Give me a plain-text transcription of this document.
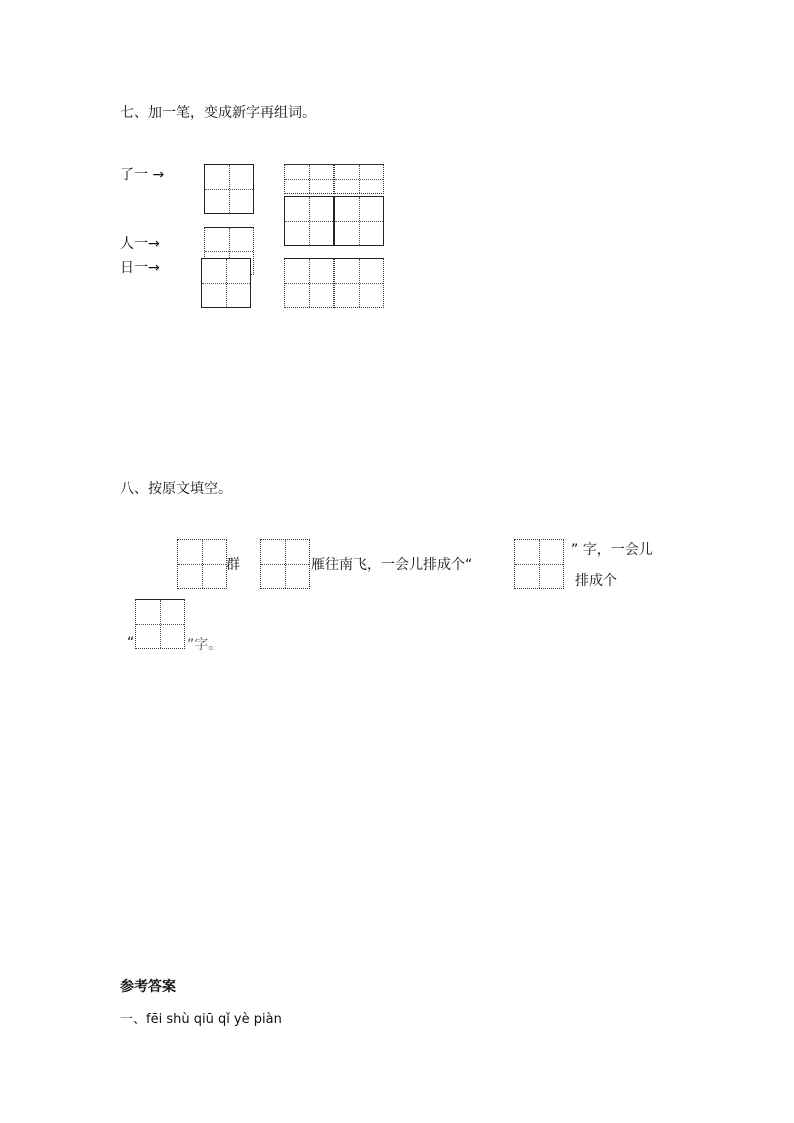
七、加一笔，变成新字再组词。
了一 →
人一→
日一→
八、按原文填空。
群	雁往南飞，一会儿排成个“
” 字，一会儿
排成个
“	”字。
参考答案
一、fēi shù qiū qǐ yè piàn
